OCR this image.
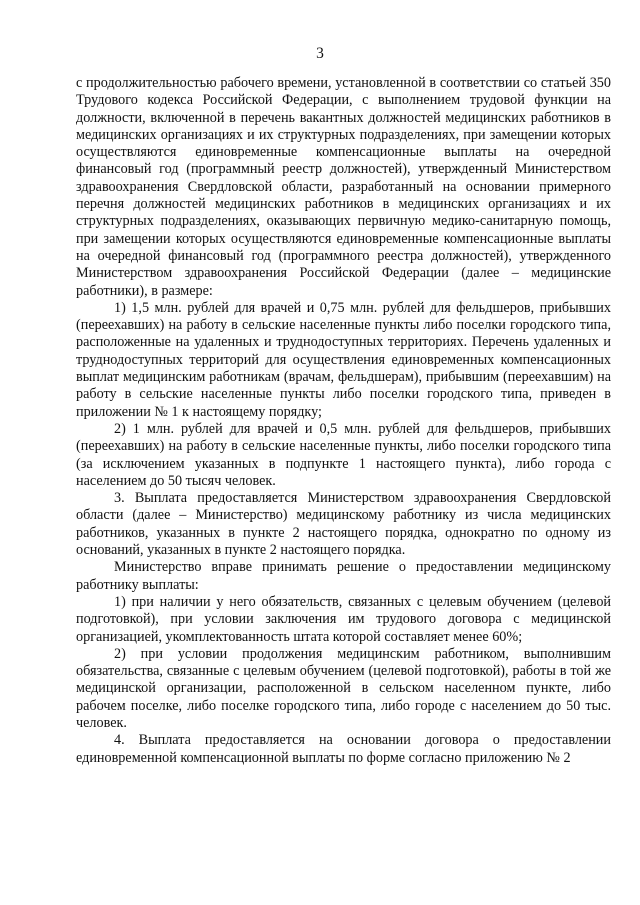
3

с продолжительностью рабочего времени, установленной в соответствии со статьей 350 Трудового кодекса Российской Федерации, с выполнением трудовой функции на должности, включенной в перечень вакантных должностей медицинских работников в медицинских организациях и их структурных подразделениях, при замещении которых осуществляются единовременные компенсационные выплаты на очередной финансовый год (программный реестр должностей), утвержденный Министерством здравоохранения Свердловской области, разработанный на основании примерного перечня должностей медицинских работников в медицинских организациях и их структурных подразделениях, оказывающих первичную медико-санитарную помощь, при замещении которых осуществляются единовременные компенсационные выплаты на очередной финансовый год (программного реестра должностей), утвержденного Министерством здравоохранения Российской Федерации (далее – медицинские работники), в размере:

1) 1,5 млн. рублей для врачей и 0,75 млн. рублей для фельдшеров, прибывших (переехавших) на работу в сельские населенные пункты либо поселки городского типа, расположенные на удаленных и труднодоступных территориях. Перечень удаленных и труднодоступных территорий для осуществления единовременных компенсационных выплат медицинским работникам (врачам, фельдшерам), прибывшим (переехавшим) на работу в сельские населенные пункты либо поселки городского типа, приведен в приложении № 1 к настоящему порядку;

2) 1 млн. рублей для врачей и 0,5 млн. рублей для фельдшеров, прибывших (переехавших) на работу в сельские населенные пункты, либо поселки городского типа (за исключением указанных в подпункте 1 настоящего пункта), либо города с населением до 50 тысяч человек.

3. Выплата предоставляется Министерством здравоохранения Свердловской области (далее – Министерство) медицинскому работнику из числа медицинских работников, указанных в пункте 2 настоящего порядка, однократно по одному из оснований, указанных в пункте 2 настоящего порядка.

Министерство вправе принимать решение о предоставлении медицинскому работнику выплаты:

1) при наличии у него обязательств, связанных с целевым обучением (целевой подготовкой), при условии заключения им трудового договора с медицинской организацией, укомплектованность штата которой составляет менее 60%;

2) при условии продолжения медицинским работником, выполнившим обязательства, связанные с целевым обучением (целевой подготовкой), работы в той же медицинской организации, расположенной в сельском населенном пункте, либо рабочем поселке, либо поселке городского типа, либо городе с населением до 50 тыс. человек.

4. Выплата предоставляется на основании договора о предоставлении единовременной компенсационной выплаты по форме согласно приложению № 2
